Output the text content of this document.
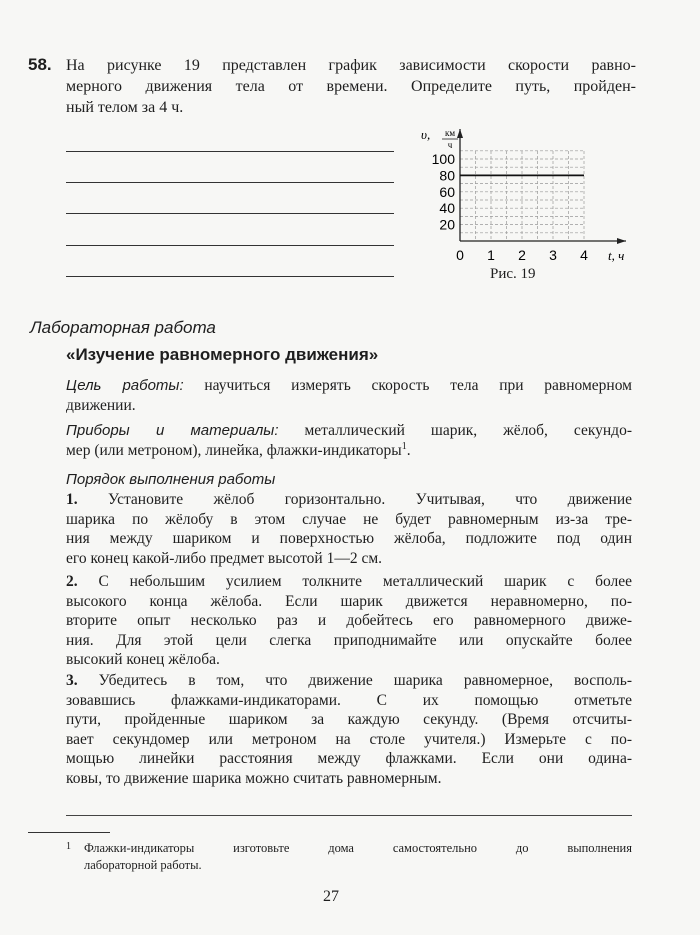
58. На рисунке 19 представлен график зависимости скорости равно-
мерного движения тела от времени. Определите путь, пройден-
ный телом за 4 ч.
20
40
60
80
100
0 1 2 3 4 t, ч
υ, км
ч
Рис. 19
Лабораторная работа
«Изучение равномерного движения»
Цель работы: научиться измерять скорость тела при равномерном
движении.
Приборы и материалы: металлический шарик, жёлоб, секундо-
мер (или метроном), линейка, флажки-индикаторы$^1$.
Порядок выполнения работы
1. Установите жёлоб горизонтально. Учитывая, что движение
шарика по жёлобу в этом случае не будет равномерным из-за тре-
ния между шариком и поверхностью жёлоба, подложите под один
его конец какой-либо предмет высотой 1—2 см.
2. С небольшим усилием толкните металлический шарик с более
высокого конца жёлоба. Если шарик движется неравномерно, по-
вторите опыт несколько раз и добейтесь его равномерного движе-
ния. Для этой цели слегка приподнимайте или опускайте более
высокий конец жёлоба.
3. Убедитесь в том, что движение шарика равномерное, восполь-
зовавшись флажками-индикаторами. С их помощью отметьте
пути, пройденные шариком за каждую секунду. (Время отсчиты-
вает секундомер или метроном на столе учителя.) Измерьте с по-
мощью линейки расстояния между флажками. Если они одина-
ковы, то движение шарика можно считать равномерным.
1 Флажки-индикаторы изготовьте дома самостоятельно до выполнения
лабораторной работы.
27
